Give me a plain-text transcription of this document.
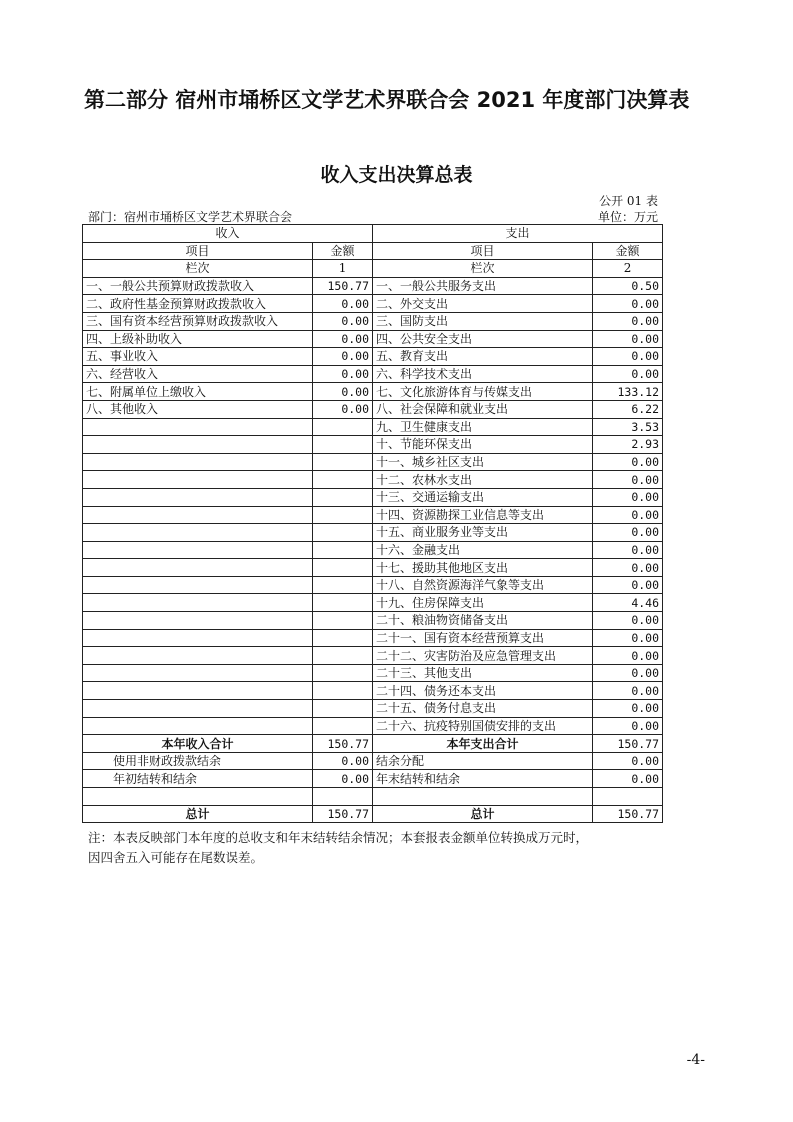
第二部分 宿州市埇桥区文学艺术界联合会 2021 年度部门决算表
收入支出决算总表
公开 01 表
部门：宿州市埇桥区文学艺术界联合会	单位：万元
收入		支出	
项目	金额	项目	金额
栏次	1	栏次	2
一、一般公共预算财政拨款收入	150.77	一、一般公共服务支出	0.50
二、政府性基金预算财政拨款收入	0.00	二、外交支出	0.00
三、国有资本经营预算财政拨款收入	0.00	三、国防支出	0.00
四、上级补助收入	0.00	四、公共安全支出	0.00
五、事业收入	0.00	五、教育支出	0.00
六、经营收入	0.00	六、科学技术支出	0.00
七、附属单位上缴收入	0.00	七、文化旅游体育与传媒支出	133.12
八、其他收入	0.00	八、社会保障和就业支出	6.22
		九、卫生健康支出	3.53
		十、节能环保支出	2.93
		十一、城乡社区支出	0.00
		十二、农林水支出	0.00
		十三、交通运输支出	0.00
		十四、资源勘探工业信息等支出	0.00
		十五、商业服务业等支出	0.00
		十六、金融支出	0.00
		十七、援助其他地区支出	0.00
		十八、自然资源海洋气象等支出	0.00
		十九、住房保障支出	4.46
		二十、粮油物资储备支出	0.00
		二十一、国有资本经营预算支出	0.00
		二十二、灾害防治及应急管理支出	0.00
		二十三、其他支出	0.00
		二十四、债务还本支出	0.00
		二十五、债务付息支出	0.00
		二十六、抗疫特别国债安排的支出	0.00
本年收入合计	150.77	本年支出合计	150.77
使用非财政拨款结余	0.00	结余分配	0.00
年初结转和结余	0.00	年末结转和结余	0.00

总计	150.77	总计	150.77
注：本表反映部门本年度的总收支和年末结转结余情况；本套报表金额单位转换成万元时，
因四舍五入可能存在尾数误差。
-4-
